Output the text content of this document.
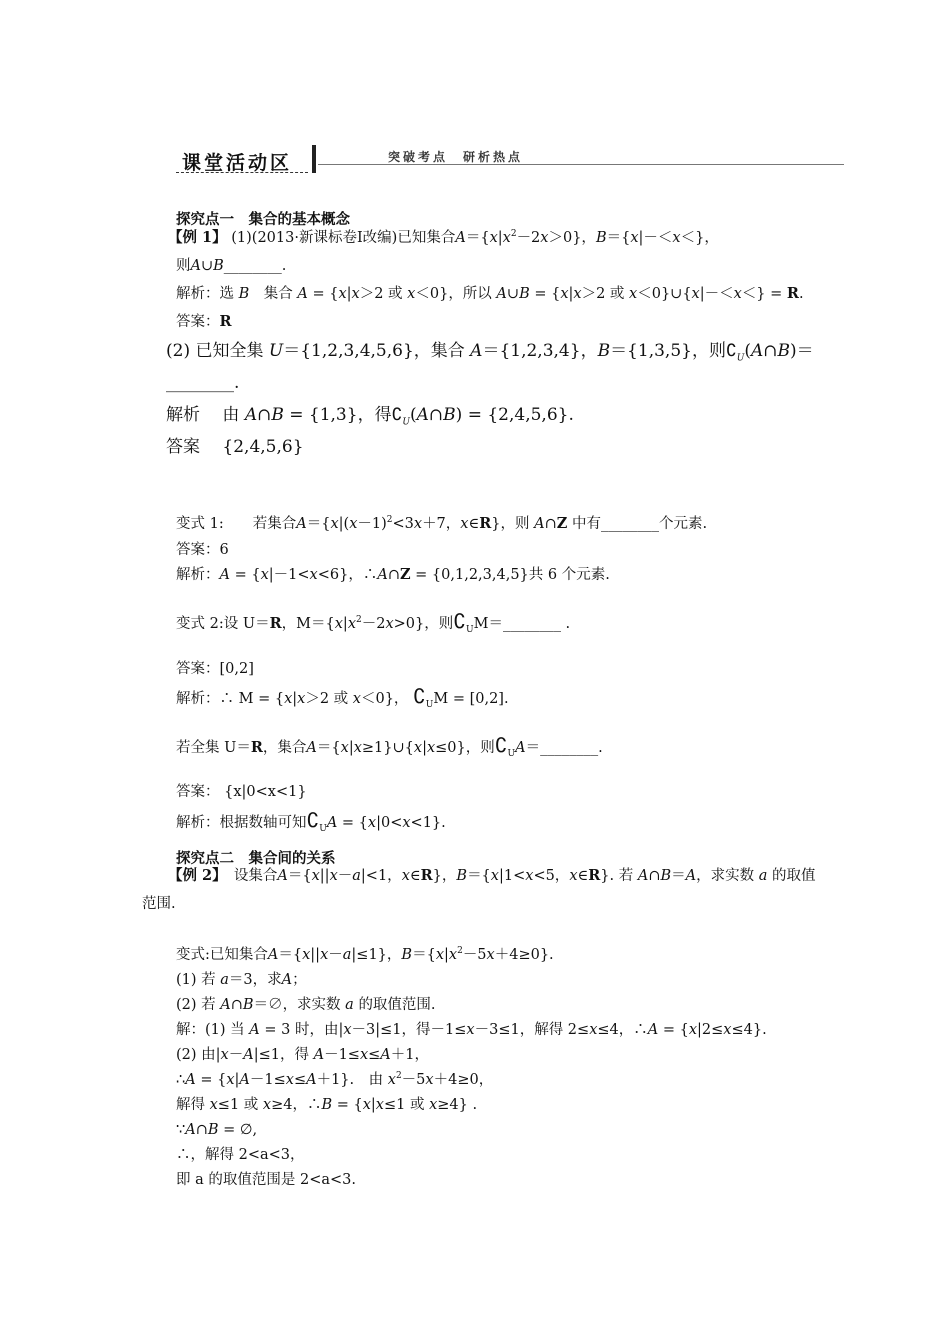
课堂活动区	突破考点　研析热点
探究点一　集合的基本概念
【例 1】 (1)(2013·新课标卷Ⅰ改编)已知集合$A=\{x|x^2-2x>0\}$，B＝{x|－＜x＜}，
则A∪B________.
解析：选 B　 集合 A = {x|x＞2 或 x＜0}，所以 A∪B = {x|x＞2 或 x＜0}∪{x|－＜x＜} = R.
答案：R
(2) 已知全集 U＝{1,2,3,4,5,6}，集合 A＝{1,2,3,4}，B＝{1,3,5}，则$∁_U(A\cap B)=$
________.
解析　 由 A∩B = {1,3}，得$∁_U(A\cap B) = \{2,4,5,6\}$.
答案　 {2,4,5,6}
变式 1:　　 若集合$A=\{x|(x-1)^2<3x+7$，x∈R}，则 A∩Z 中有________个元素.
答案：6
解析：A = {x|－1<x<6}，∴A∩Z = {0,1,2,3,4,5}共 6 个元素.
变式 2:设 U＝R，$M=\{x|x^2-2x>0\}$，则$∁_UM=\_\_\_\_\_\_\_\_$ .
答案：[0,2]
解析：∴ M = {x|x＞2 或 x＜0}， $∁_UM = [0,2]$.
若全集 U＝R，集合A＝{x|x≥1}∪{x|x≤0}，则$∁_UA=\_\_\_\_\_\_\_\_$.
答案： {x|0<x<1}
解析：根据数轴可知$∁_UA = \{x|0<x<1\}$.
探究点二　集合间的关系
【例 2】　 设集合A＝{x||x－a|<1，x∈R}，B＝{x|1<x<5，x∈R}. 若 A∩B＝A，求实数 a 的取值
范围.
变式:已知集合A＝{x||x－a|≤1}，$B=\{x|x^2-5x+4\ge 0\}$.
(1) 若 a＝3，求A；
(2) 若 A∩B＝∅，求实数 a 的取值范围.
解：(1) 当 A = 3 时，由|x－3|≤1，得－1≤x－3≤1，解得 2≤x≤4，∴A = {x|2≤x≤4}.
(2) 由|x－A|≤1，得 A－1≤x≤A＋1，
∴A = {x|A－1≤x≤A＋1}.　由 $x^2-5x+4\ge 0$，
解得 x≤1 或 x≥4，∴B = {x|x≤1 或 x≥4} .
∵A∩B = ∅,
∴，解得 2<a<3，
即 a 的取值范围是 2<a<3.
